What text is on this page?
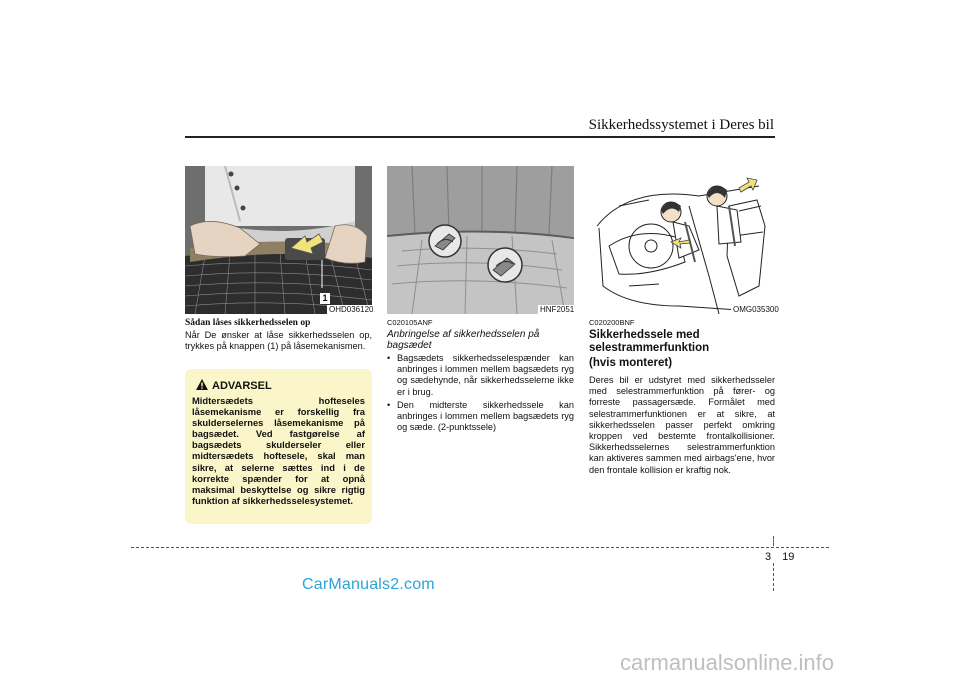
Sikkerhedssystemet i Deres bil
1
OHD036120
Sådan låses sikkerhedsselen op
Når De ønsker at låse sikkerhedsselen op, trykkes på knappen (1) på låsemekanismen.
ADVARSEL
Midtersædets hofteseles låsemekanisme er forskellig fra skulderselernes låsemekanisme på bagsædet. Ved fastgørelse af bagsædets skulderseler eller midtersædets hoftesele, skal man sikre, at selerne sættes ind i de korrekte spænder for at opnå maksimal beskyttelse og sikre rigtig funktion af sikkerhedsselesystemet.
HNF2051
C020105ANF
Anbringelse af sikkerhedsselen på bagsædet
• Bagsædets sikkerhedsselespænder kan anbringes i lommen mellem bagsædets ryg og sædehynde, når sikkerhedsselerne ikke er i brug.
• Den midterste sikkerhedssele kan anbringes i lommen mellem bagsædets ryg og sæde. (2-punktssele)
OMG035300
C020200BNF
Sikkerhedssele med
selestrammerfunktion
(hvis monteret)
Deres bil er udstyret med sikkerhedsseler med selestrammerfunktion på fører- og forreste passagersæde. Formålet med selestrammerfunktionen er at sikre, at sikkerhedsselen passer perfekt omkring kroppen ved bestemte frontalkollisioner. Sikkerhedsselernes selestrammerfunktion kan aktiveres sammen med airbags'ene, hvor den frontale kollision er kraftig nok.
3 19
CarManuals2.com
carmanualsonline.info
